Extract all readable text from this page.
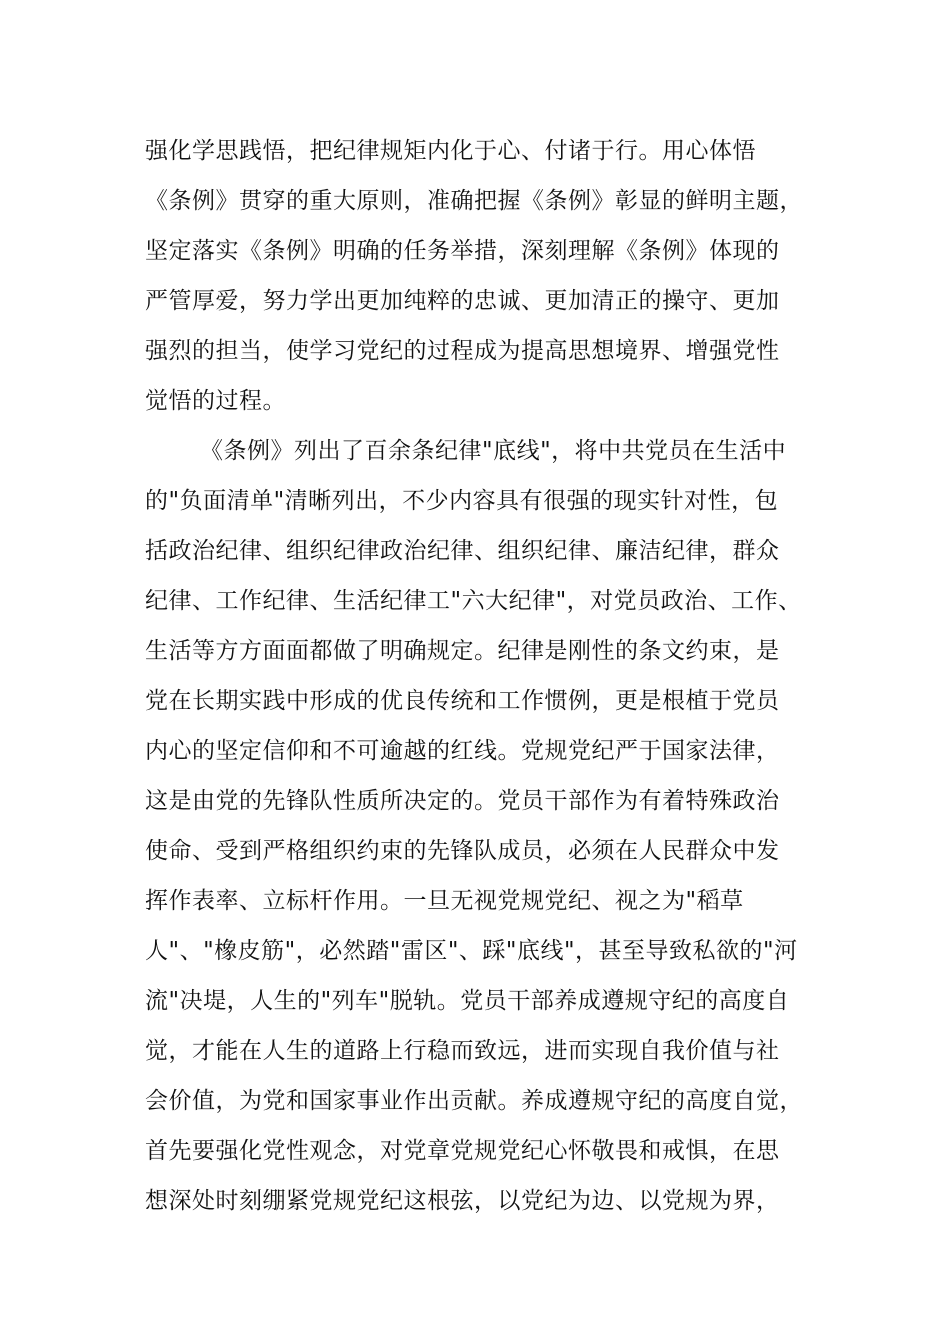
强化学思践悟，把纪律规矩内化于心、付诸于行。用心体悟
《条例》贯穿的重大原则，准确把握《条例》彰显的鲜明主题，
坚定落实《条例》明确的任务举措，深刻理解《条例》体现的
严管厚爱，努力学出更加纯粹的忠诚、更加清正的操守、更加
强烈的担当，使学习党纪的过程成为提高思想境界、增强党性
觉悟的过程。
《条例》列出了百余条纪律"底线"，将中共党员在生活中
的"负面清单"清晰列出，不少内容具有很强的现实针对性，包
括政治纪律、组织纪律政治纪律、组织纪律、廉洁纪律，群众
纪律、工作纪律、生活纪律工"六大纪律"，对党员政治、工作、
生活等方方面面都做了明确规定。纪律是刚性的条文约束，是
党在长期实践中形成的优良传统和工作惯例，更是根植于党员
内心的坚定信仰和不可逾越的红线。党规党纪严于国家法律，
这是由党的先锋队性质所决定的。党员干部作为有着特殊政治
使命、受到严格组织约束的先锋队成员，必须在人民群众中发
挥作表率、立标杆作用。一旦无视党规党纪、视之为"稻草
人"、"橡皮筋"，必然踏"雷区"、踩"底线"，甚至导致私欲的"河
流"决堤，人生的"列车"脱轨。党员干部养成遵规守纪的高度自
觉，才能在人生的道路上行稳而致远，进而实现自我价值与社
会价值，为党和国家事业作出贡献。养成遵规守纪的高度自觉，
首先要强化党性观念，对党章党规党纪心怀敬畏和戒惧，在思
想深处时刻绷紧党规党纪这根弦，以党纪为边、以党规为界，
